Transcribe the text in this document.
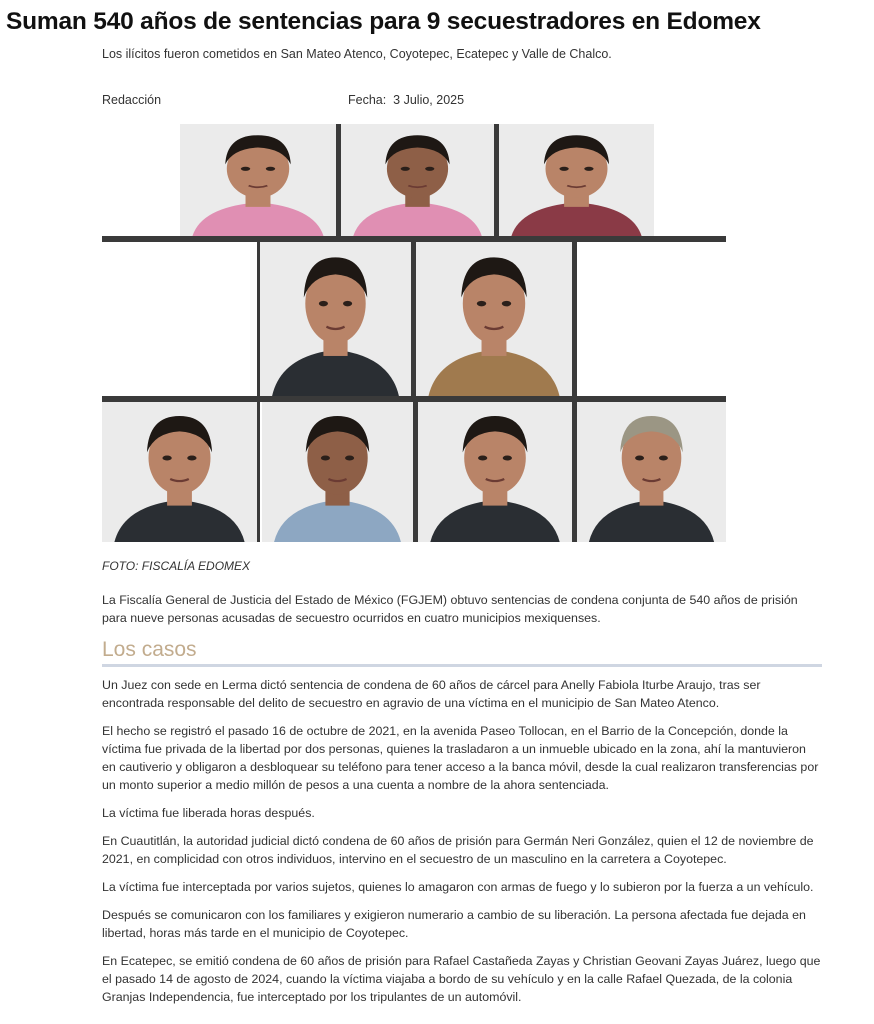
Suman 540 años de sentencias para 9 secuestradores en Edomex

Los ilícitos fueron cometidos en San Mateo Atenco, Coyotepec, Ecatepec y Valle de Chalco.

Redacción	Fecha: 3 Julio, 2025
FOTO: FISCALÍA EDOMEX

La Fiscalía General de Justicia del Estado de México (FGJEM) obtuvo sentencias de condena conjunta de 540 años de prisión para nueve personas acusadas de secuestro ocurridos en cuatro municipios mexiquenses.

Los casos

Un Juez con sede en Lerma dictó sentencia de condena de 60 años de cárcel para Anelly Fabiola Iturbe Araujo, tras ser encontrada responsable del delito de secuestro en agravio de una víctima en el municipio de San Mateo Atenco.

El hecho se registró el pasado 16 de octubre de 2021, en la avenida Paseo Tollocan, en el Barrio de la Concepción, donde la víctima fue privada de la libertad por dos personas, quienes la trasladaron a un inmueble ubicado en la zona, ahí la mantuvieron en cautiverio y obligaron a desbloquear su teléfono para tener acceso a la banca móvil, desde la cual realizaron transferencias por un monto superior a medio millón de pesos a una cuenta a nombre de la ahora sentenciada.

La víctima fue liberada horas después.

En Cuautitlán, la autoridad judicial dictó condena de 60 años de prisión para Germán Neri González, quien el 12 de noviembre de 2021, en complicidad con otros individuos, intervino en el secuestro de un masculino en la carretera a Coyotepec.

La víctima fue interceptada por varios sujetos, quienes lo amagaron con armas de fuego y lo subieron por la fuerza a un vehículo.

Después se comunicaron con los familiares y exigieron numerario a cambio de su liberación. La persona afectada fue dejada en libertad, horas más tarde en el municipio de Coyotepec.

En Ecatepec, se emitió condena de 60 años de prisión para Rafael Castañeda Zayas y Christian Geovani Zayas Juárez, luego que el pasado 14 de agosto de 2024, cuando la víctima viajaba a bordo de su vehículo y en la calle Rafael Quezada, de la colonia Granjas Independencia, fue interceptado por los tripulantes de un automóvil.
